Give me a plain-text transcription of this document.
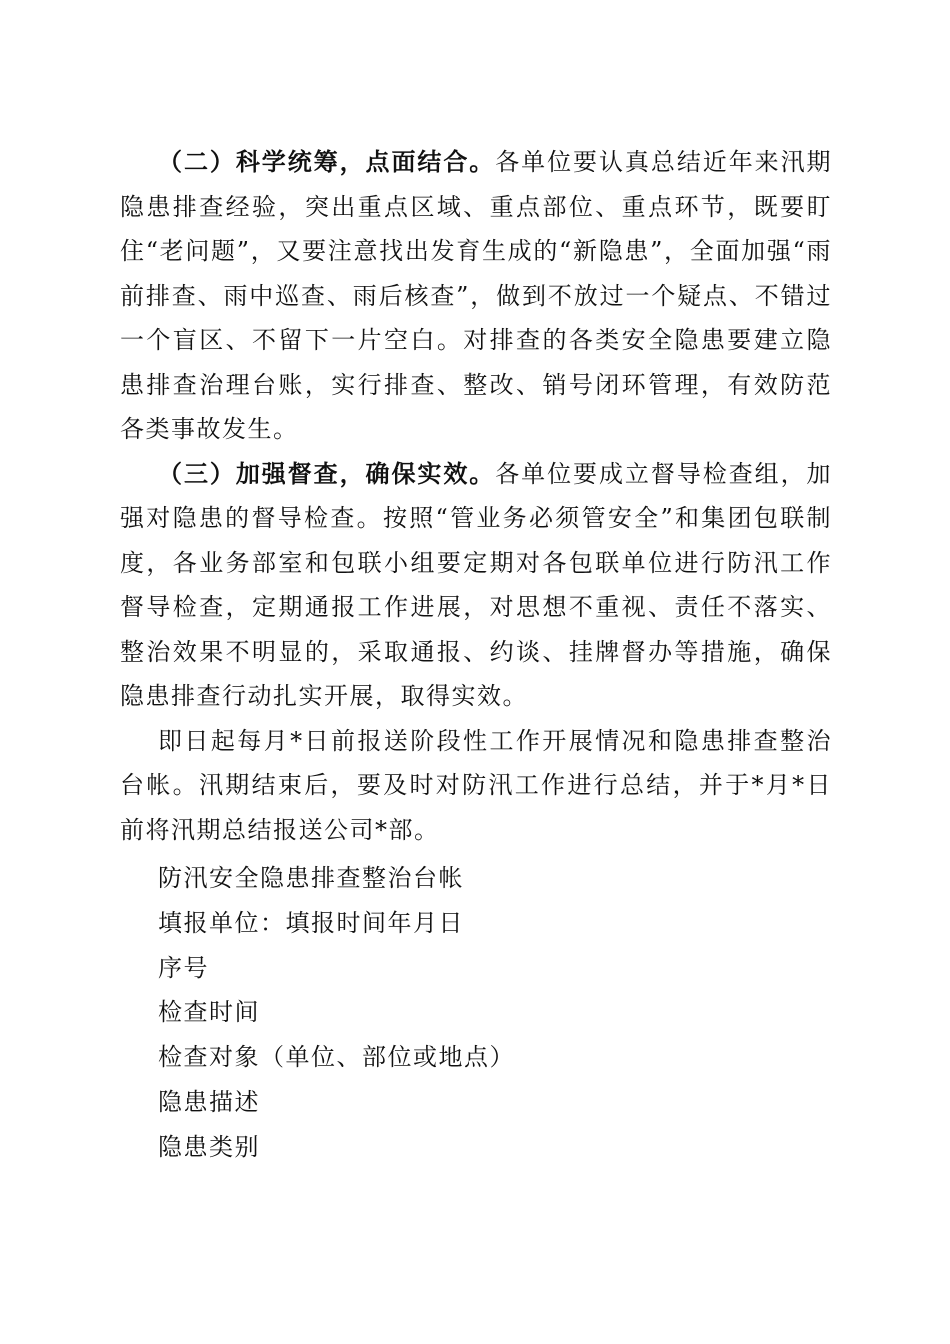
（二）科学统筹，点面结合。各单位要认真总结近年来汛期隐患排查经验，突出重点区域、重点部位、重点环节，既要盯住“老问题”，又要注意找出发育生成的“新隐患”，全面加强“雨前排查、雨中巡查、雨后核查”，做到不放过一个疑点、不错过一个盲区、不留下一片空白。对排查的各类安全隐患要建立隐患排查治理台账，实行排查、整改、销号闭环管理，有效防范各类事故发生。

（三）加强督查，确保实效。各单位要成立督导检查组，加强对隐患的督导检查。按照“管业务必须管安全”和集团包联制度，各业务部室和包联小组要定期对各包联单位进行防汛工作督导检查，定期通报工作进展，对思想不重视、责任不落实、整治效果不明显的，采取通报、约谈、挂牌督办等措施，确保隐患排查行动扎实开展，取得实效。

即日起每月*日前报送阶段性工作开展情况和隐患排查整治台帐。汛期结束后，要及时对防汛工作进行总结，并于*月*日前将汛期总结报送公司*部。

防汛安全隐患排查整治台帐

填报单位：填报时间年月日

序号

检查时间

检查对象（单位、部位或地点）

隐患描述

隐患类别
